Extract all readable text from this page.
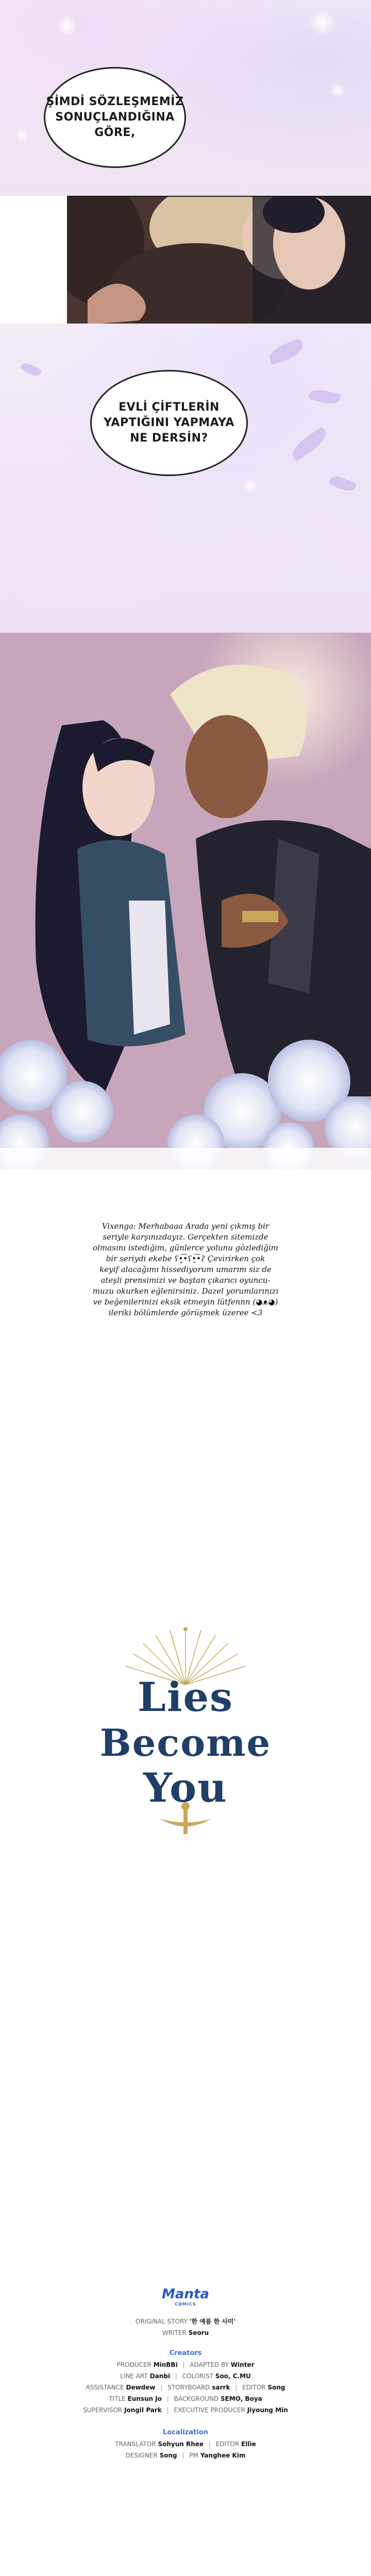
ŞİMDİ SÖZLEŞMEMİZ
SONUÇLANDIĞINA
GÖRE,
EVLİ ÇİFTLERİN
YAPTIĞINI YAPMAYA
NE DERSİN?
Vixenga: Merhabaaa Arada yeni çıkmış bir
seriyle karşınızdayız. Gerçekten sitemizde
olmasını istediğim, günlerce yolunu gözlediğim
bir seriydi ekebe ʕ•̫͡•ʕ•̫͡•ʔ Çevirirken çok
keyif alacağımı hissediyorum umarım siz de
ateşli prensimizi ve baştan çıkarıcı oyuncu-
muzu okurken eğlenirsiniz. Dazel yorumlarınızı
ve beğenilerinizi eksik etmeyin lütfennn (◕ᴥ◕)
ileriki bölümlerde görüşmek üzeree <3
Lies
Become
You
Manta
COMICS
ORIGINAL STORY '한 예름 한 사미'
WRITER Seoru
Creators
PRODUCER MinBBi | ADAPTED BY Winter
LINE ART Danbi | COLORIST Soo, C.MU
ASSISTANCE Dewdew | STORYBOARD sarrk | EDITOR Song
TITLE Eunsun Jo | BACKGROUND SEMO, Boya
SUPERVISOR Jongil Park | EXECUTIVE PRODUCER Jiyoung Min
Localization
TRANSLATOR Sohyun Rhee | EDITOR Ellie
DESIGNER Song | PM Yanghee Kim
